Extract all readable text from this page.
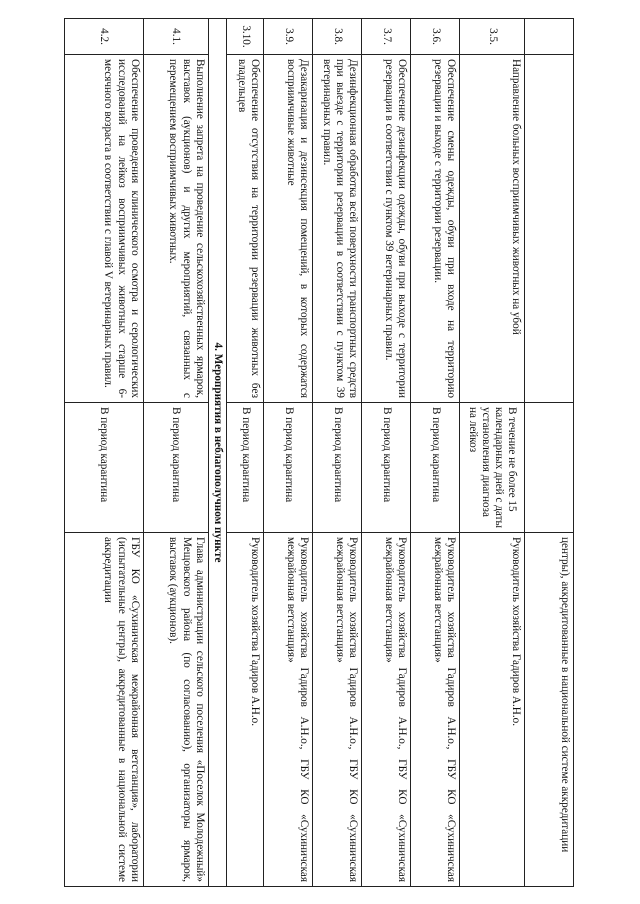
			центры), аккредитованные в национальной системе аккредитации
3.5.	Направление больных восприимчивых животных на убой	В течение не более 15 календарных дней с даты установления диагноза на лейкоз	Руководитель хозяйства Гадиров А.Н.о.
3.6.	Обеспечение смены одежды, обуви при входе на территорию резервации и выходе с территории резервации.	В период карантина	Руководитель хозяйства Гадиров А.Н.о., ГБУ КО «Сухиничская межрайонная ветстанция»
3.7.	Обеспечение дезинфекции одежды, обуви при выходе с территории резервации в соответствии с пунктом 39 ветеринарных правил.	В период карантина	Руководитель хозяйства Гадиров А.Н.о., ГБУ КО «Сухиничская межрайонная ветстанция»
3.8.	Дезинфекционная обработка всей поверхности транспортных средств при выезде с территории резервации в соответствии с пунктом 39 ветеринарных правил.	В период карантина	Руководитель хозяйства Гадиров А.Н.о., ГБУ КО «Сухиничская межрайонная ветстанция»
3.9.	Дезакаризация и дезинсекция помещений, в которых содержатся восприимчивые животные	В период карантина	Руководитель хозяйства Гадиров А.Н.о., ГБУ КО «Сухиничская межрайонная ветстанция»
3.10.	Обеспечение отсутствия на территории резервации животных без владельцев	В период карантина	Руководитель хозяйства Гадиров А.Н.о.
4. Мероприятия в неблагополучном пункте			
4.1.	Выполнение запрета на проведение сельскохозяйственных ярмарок, выставок (аукционов) и других мероприятий, связанных с перемещением восприимчивых животных.	В период карантина	Глава администрации сельского поселения «Поселок Молодежный» Мещовского района (по согласованию), организаторы ярмарок, выставок (аукционов).
4.2.	Обеспечение проведения клинического осмотра и серологических исследований на лейкоз восприимчивых животных старше 6-месячного возраста в соответствии с главой V ветеринарных правил.	В период карантина	ГБУ КО «Сухиничская межрайонная ветстанция», лаборатории (испытательные центры), аккредитованные в национальной системе аккредитации
